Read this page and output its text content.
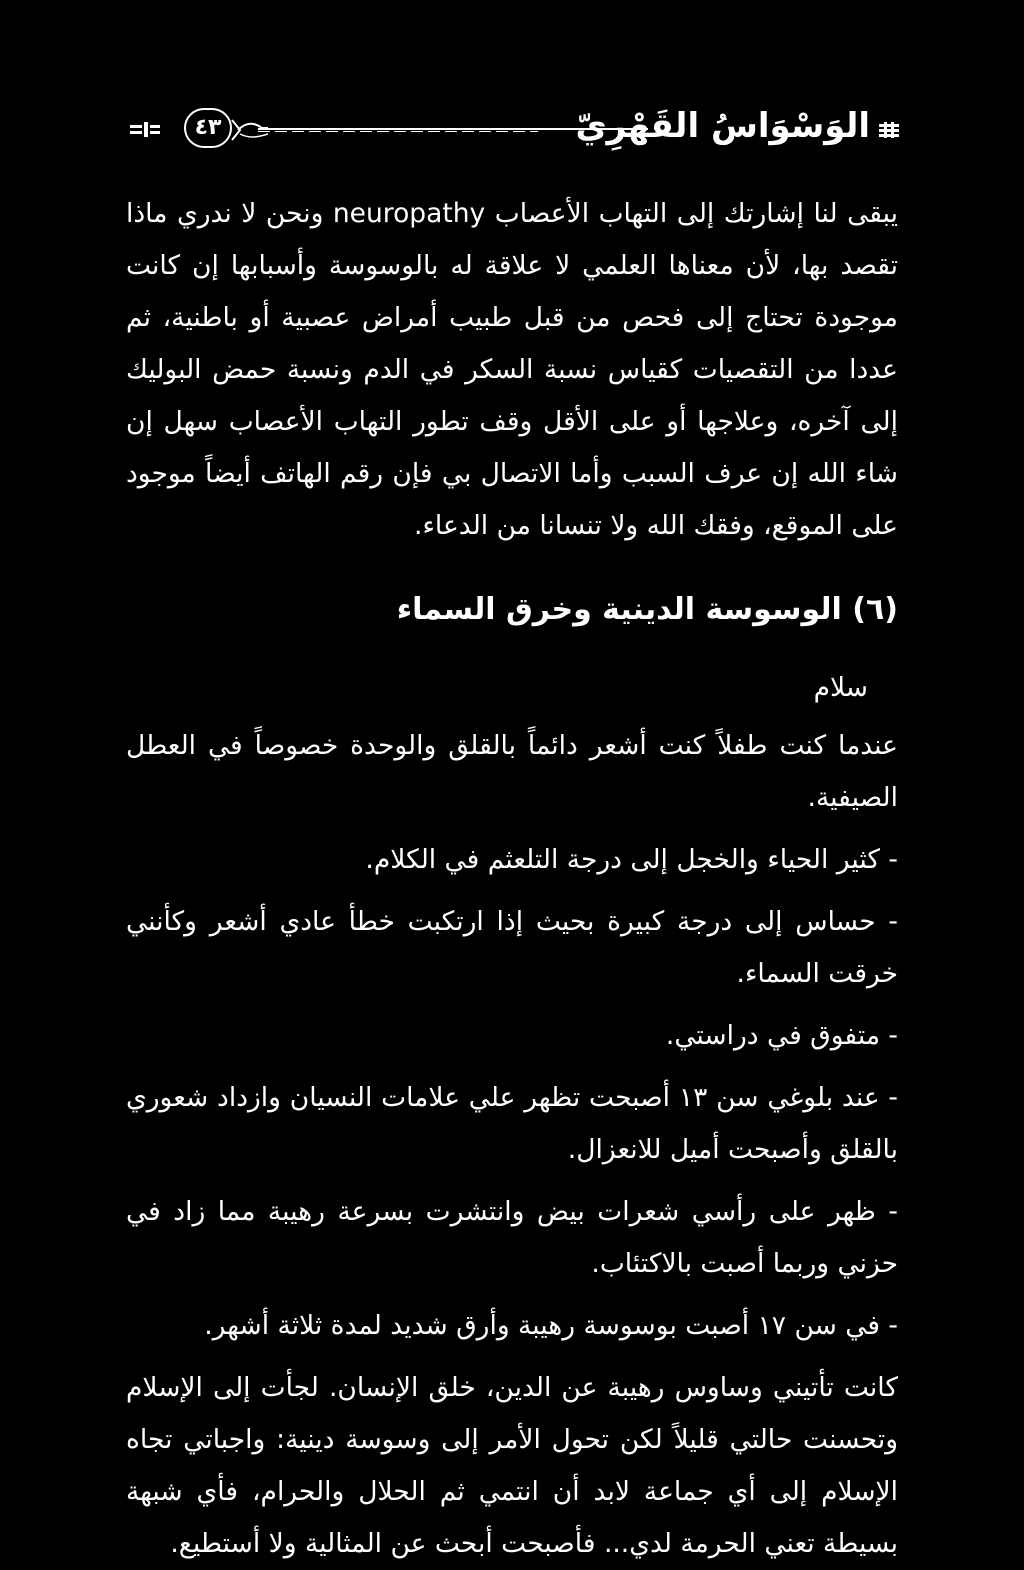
الوَسْوَاسُ القَهْرِيّ
٤٣

يبقى لنا إشارتك إلى التهاب الأعصاب neuropathy ونحن لا ندري ماذا تقصد بها، لأن معناها العلمي لا علاقة له بالوسوسة وأسبابها إن كانت موجودة تحتاج إلى فحص من قبل طبيب أمراض عصبية أو باطنية، ثم عددا من التقصيات كقياس نسبة السكر في الدم ونسبة حمض البوليك إلى آخره، وعلاجها أو على الأقل وقف تطور التهاب الأعصاب سهل إن شاء الله إن عرف السبب وأما الاتصال بي فإن رقم الهاتف أيضاً موجود على الموقع، وفقك الله ولا تنسانا من الدعاء.

(٦) الوسوسة الدينية وخرق السماء

سلام

عندما كنت طفلاً كنت أشعر دائماً بالقلق والوحدة خصوصاً في العطل الصيفية.

- كثير الحياء والخجل إلى درجة التلعثم في الكلام.

- حساس إلى درجة كبيرة بحيث إذا ارتكبت خطأ عادي أشعر وكأنني خرقت السماء.

- متفوق في دراستي.

- عند بلوغي سن ١٣ أصبحت تظهر علي علامات النسيان وازداد شعوري بالقلق وأصبحت أميل للانعزال.

- ظهر على رأسي شعرات بيض وانتشرت بسرعة رهيبة مما زاد في حزني وربما أصبت بالاكتئاب.

- في سن ١٧ أصبت بوسوسة رهيبة وأرق شديد لمدة ثلاثة أشهر.

كانت تأتيني وساوس رهيبة عن الدين، خلق الإنسان. لجأت إلى الإسلام وتحسنت حالتي قليلاً لكن تحول الأمر إلى وسوسة دينية: واجباتي تجاه الإسلام إلى أي جماعة لابد أن انتمي ثم الحلال والحرام، فأي شبهة بسيطة تعني الحرمة لدي... فأصبحت أبحث عن المثالية ولا أستطيع.
